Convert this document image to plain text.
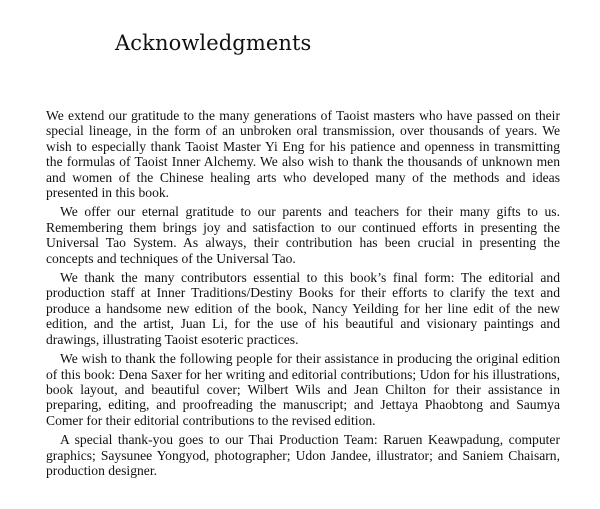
Acknowledgments

We extend our gratitude to the many generations of Taoist masters who have passed on their special lineage, in the form of an unbroken oral transmission, over thousands of years. We wish to especially thank Taoist Master Yi Eng for his patience and openness in transmitting the formulas of Taoist Inner Alchemy. We also wish to thank the thousands of unknown men and women of the Chinese healing arts who developed many of the methods and ideas presented in this book.

We offer our eternal gratitude to our parents and teachers for their many gifts to us. Remembering them brings joy and satisfaction to our continued efforts in presenting the Universal Tao System. As always, their contribution has been crucial in presenting the concepts and techniques of the Universal Tao.

We thank the many contributors essential to this book’s final form: The editorial and production staff at Inner Traditions/Destiny Books for their efforts to clarify the text and produce a handsome new edition of the book, Nancy Yeilding for her line edit of the new edition, and the artist, Juan Li, for the use of his beautiful and visionary paintings and drawings, illustrating Taoist esoteric practices.

We wish to thank the following people for their assistance in producing the original edition of this book: Dena Saxer for her writing and editorial contributions; Udon for his illustrations, book layout, and beautiful cover; Wilbert Wils and Jean Chilton for their assistance in preparing, editing, and proofreading the manuscript; and Jettaya Phaobtong and Saumya Comer for their editorial contributions to the revised edition.

A special thank-you goes to our Thai Production Team: Raruen Keawpadung, computer graphics; Saysunee Yongyod, photographer; Udon Jandee, illustrator; and Saniem Chaisarn, production designer.
